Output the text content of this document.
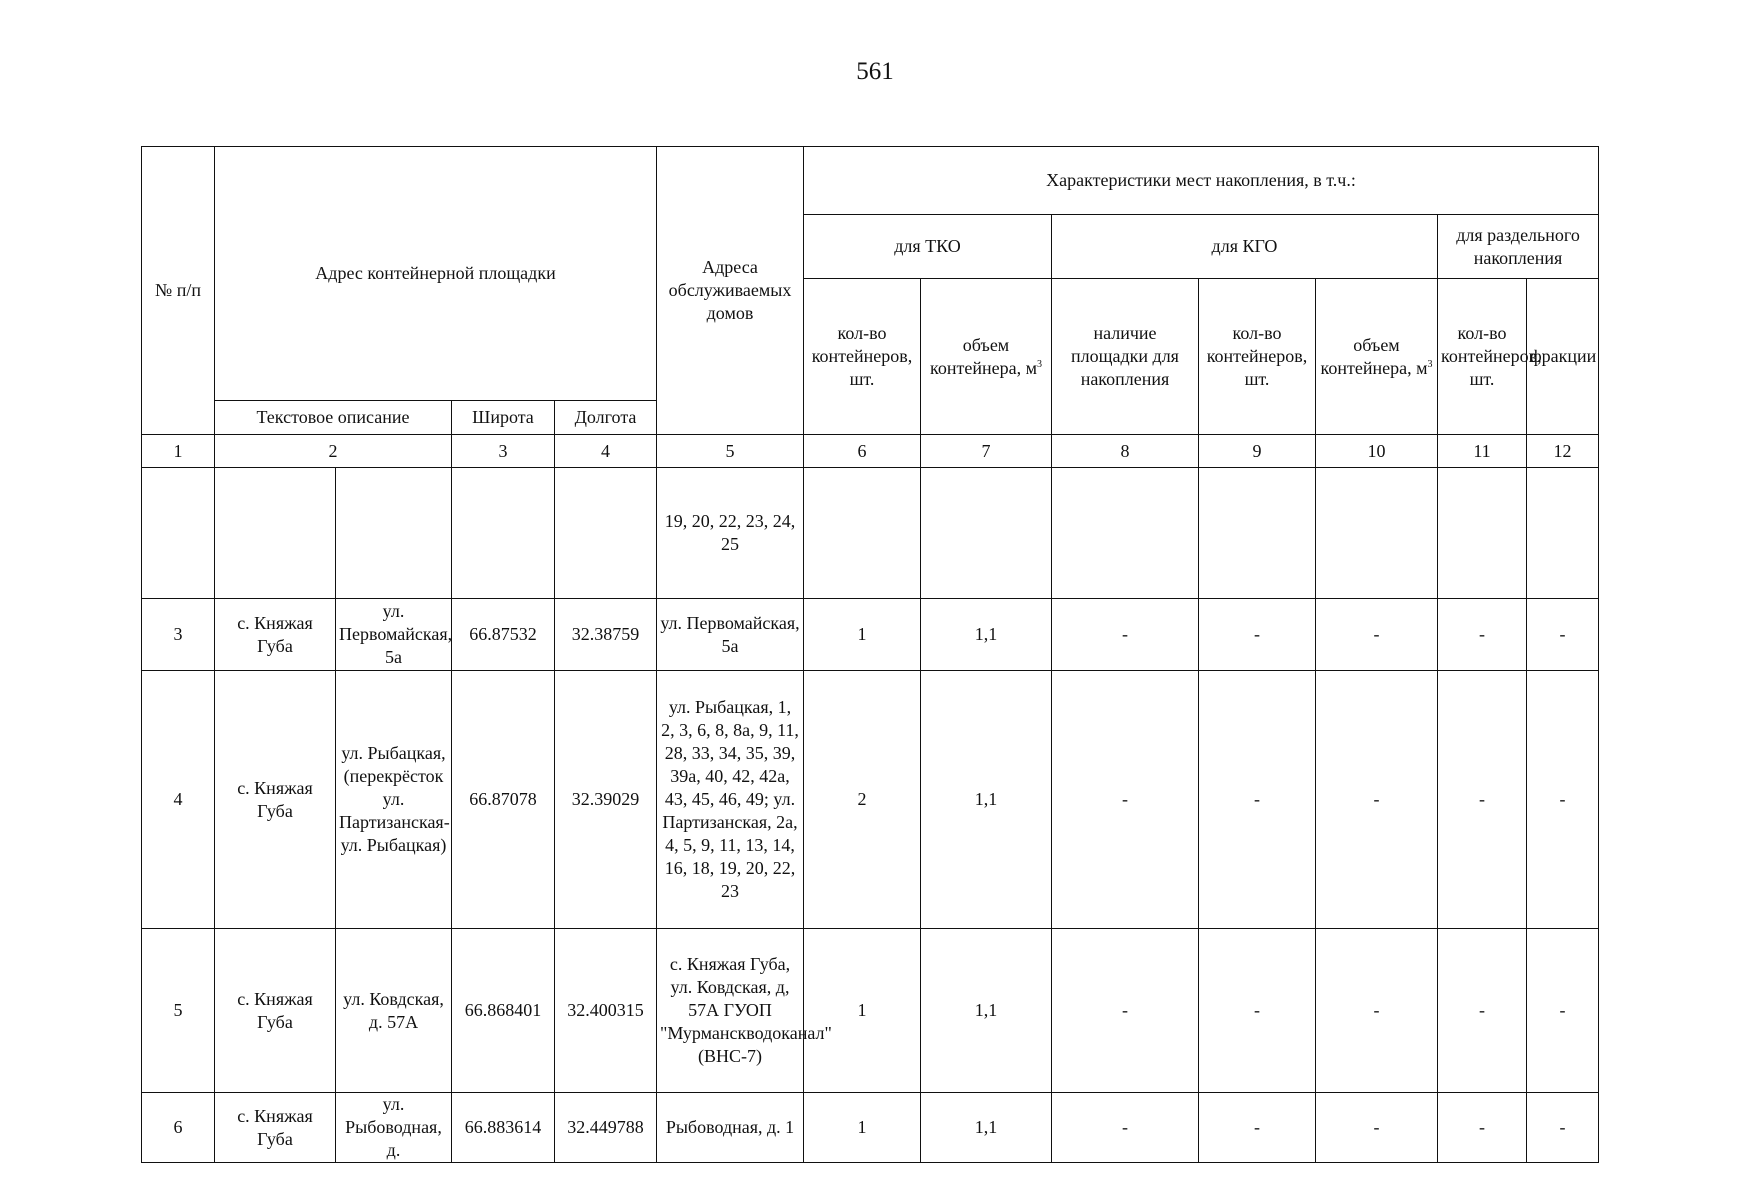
561
№ п/п	Адрес контейнерной площадки				Адреса обслуживаемых домов	Характеристики мест накопления, в т.ч.:						
						для ТКО		для КГО			для раздельного накопления	
						кол-во контейнеров, шт.	объем контейнера, $м^3$	наличие площадки для накопления	кол-во контейнеров, шт.	объем контейнера, $м^3$	кол-во контейнеров, шт.	фракции
	Текстовое описание		Широта	Долгота								
1	2		3	4	5	6	7	8	9	10	11	12
					19, 20, 22, 23, 24, 25							
3	с. Княжая Губа	ул. Первомайская, 5а	66.87532	32.38759	ул. Первомайская, 5а	1	1,1	-	-	-	-	-
4	с. Княжая Губа	ул. Рыбацкая, (перекрёсток ул. Партизанская- ул. Рыбацкая)	66.87078	32.39029	ул. Рыбацкая, 1, 2, 3, 6, 8, 8а, 9, 11, 28, 33, 34, 35, 39, 39а, 40, 42, 42а, 43, 45, 46, 49; ул. Партизанская, 2а, 4, 5, 9, 11, 13, 14, 16, 18, 19, 20, 22, 23	2	1,1	-	-	-	-	-
5	с. Княжая Губа	ул. Ковдская, д. 57А	66.868401	32.400315	с. Княжая Губа, ул. Ковдская, д, 57А ГУОП "Мурманскводоканал" (ВНС-7)	1	1,1	-	-	-	-	-
6	с. Княжая Губа	ул. Рыбоводная, д.	66.883614	32.449788	Рыбоводная, д. 1	1	1,1	-	-	-	-	-
